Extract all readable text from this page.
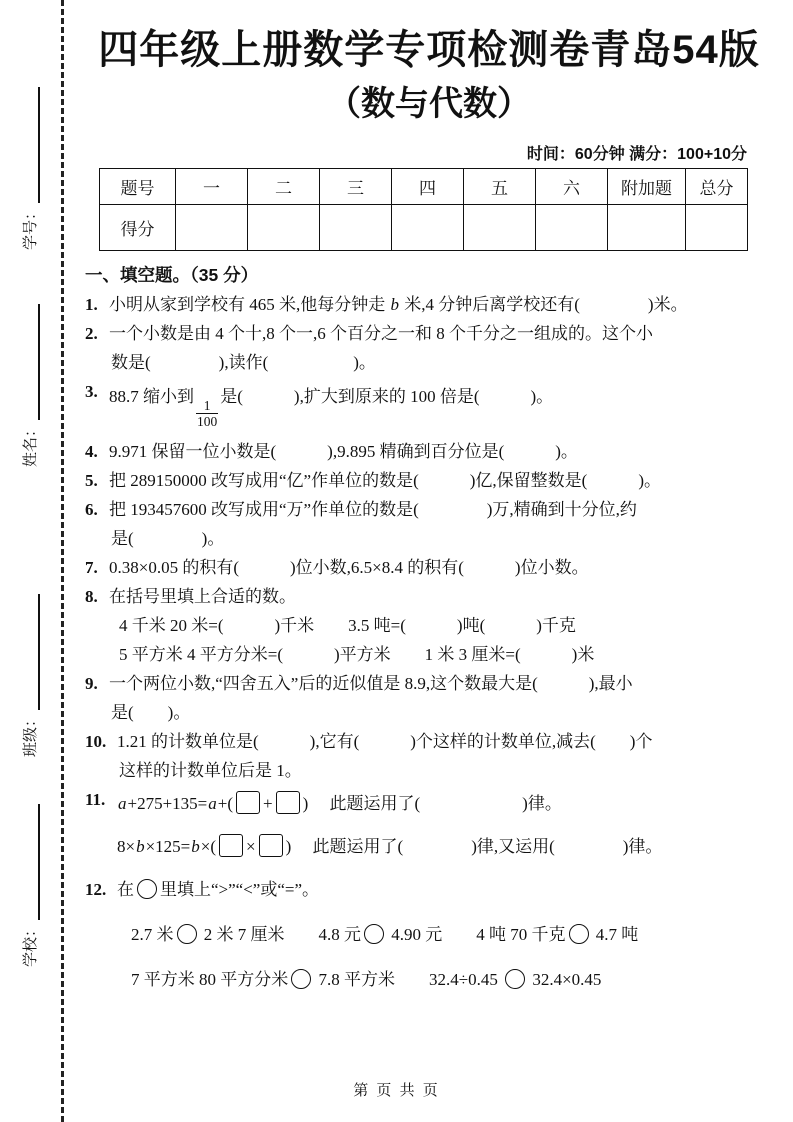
学号：
姓名：
班级：
学校：
四年级上册数学专项检测卷青岛54版
（数与代数）
时间：60分钟 满分：100+10分
题号	一	二	三	四	五	六	附加题	总分
得分								
一、填空题。（35 分）
1. 小明从家到学校有 465 米,他每分钟走 b 米,4 分钟后离学校还有(　　　　)米。
2. 一个小数是由 4 个十,8 个一,6 个百分之一和 8 个千分之一组成的。这个小
数是(　　　　),读作(　　　　　)。
3. 88.7 缩小到
$\frac{1}{100}$
是(　　　),扩大到原来的 100 倍是(　　　)。
4. 9.971 保留一位小数是(　　　),9.895 精确到百分位是(　　　)。
5. 把 289150000 改写成用“亿”作单位的数是(　　　)亿,保留整数是(　　　)。
6. 把 193457600 改写成用“万”作单位的数是(　　　　)万,精确到十分位,约
是(　　　　)。
7. 0.38×0.05 的积有(　　　)位小数,6.5×8.4 的积有(　　　)位小数。
8. 在括号里填上合适的数。
4 千米 20 米=(　　　)千米　　3.5 吨=(　　　)吨(　　　)千克
5 平方米 4 平方分米=(　　　)平方米　　1 米 3 厘米=(　　　)米
9. 一个两位小数,“四舍五入”后的近似值是 8.9,这个数最大是(　　　),最小
是(　　)。
10. 1.21 的计数单位是(　　　),它有(　　　)个这样的计数单位,减去(　　)个
这样的计数单位后是 1。
11. a+275+135=a+( + )　 此题运用了(　　　　　　)律。
8×b×125=b×( × )　 此题运用了(　　　　)律,又运用(　　　　)律。
12. 在 里填上“>”“<”或“=”。
2.7 米 2 米 7 厘米　　4.8 元 4.90 元　　4 吨 70 千克 4.7 吨
7 平方米 80 平方分米 7.8 平方米　　32.4÷0.45  32.4×0.45
第 页 共 页
